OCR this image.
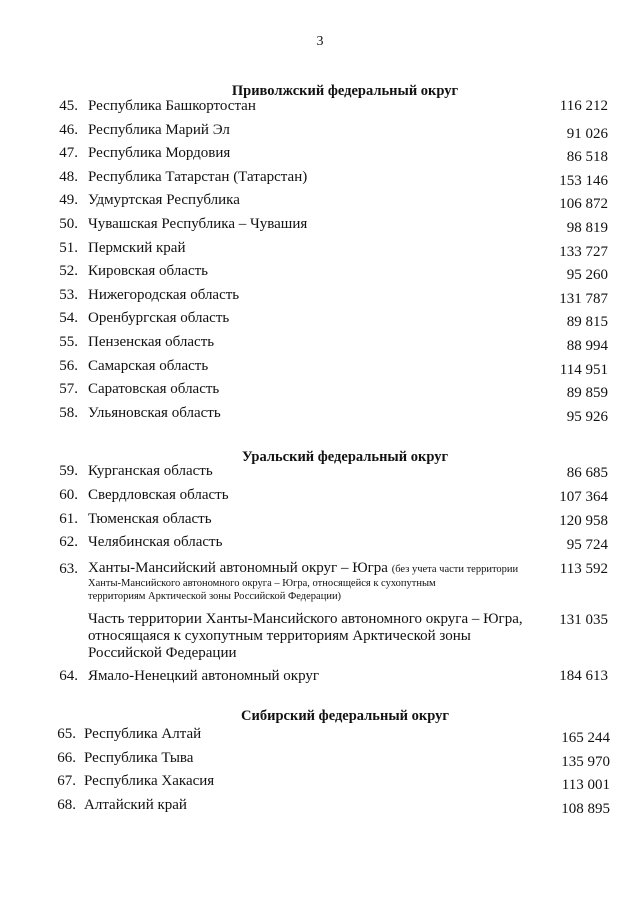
3
Приволжский федеральный округ
45. Республика Башкортостан	116 212
46. Республика Марий Эл	91 026
47. Республика Мордовия	86 518
48. Республика Татарстан (Татарстан)	153 146
49. Удмуртская Республика	106 872
50. Чувашская Республика – Чувашия	98 819
51. Пермский край	133 727
52. Кировская область	95 260
53. Нижегородская область	131 787
54. Оренбургская область	89 815
55. Пензенская область	88 994
56. Самарская область	114 951
57. Саратовская область	89 859
58. Ульяновская область	95 926
Уральский федеральный округ
59. Курганская область	86 685
60. Свердловская область	107 364
61. Тюменская область	120 958
62. Челябинская область	95 724
63. Ханты-Мансийский автономный округ – Югра (без учета части территории
Ханты-Мансийского автономного округа – Югра, относящейся к сухопутным
территориям Арктической зоны Российской Федерации)
113 592
Часть территории Ханты-Мансийского автономного округа – Югра, относящаяся к сухопутным территориям Арктической зоны Российской Федерации
131 035
64. Ямало-Ненецкий автономный округ	184 613
Сибирский федеральный округ
65. Республика Алтай	165 244
66. Республика Тыва	135 970
67. Республика Хакасия	113 001
68. Алтайский край	108 895
